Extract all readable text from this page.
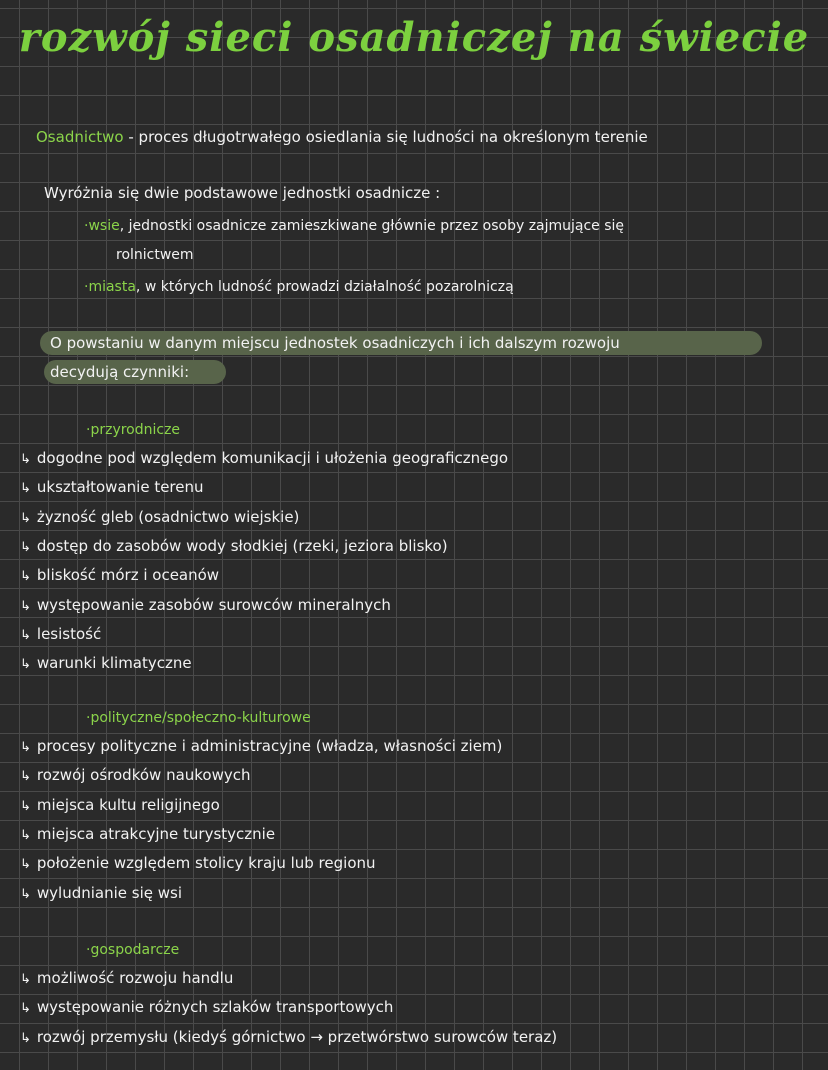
rozwój sieci osadniczej na świecie
Osadnictwo - proces długotrwałego osiedlania się ludności na określonym terenie
Wyróżnia się dwie podstawowe jednostki osadnicze :
·wsie, jednostki osadnicze zamieszkiwane głównie przez osoby zajmujące się
rolnictwem
·miasta, w których ludność prowadzi działalność pozarolniczą
O powstaniu w danym miejscu jednostek osadniczych i ich dalszym rozwoju
decydują czynniki:
·przyrodnicze
↳ dogodne pod względem komunikacji i ułożenia geograficznego
↳ ukształtowanie terenu
↳ żyzność gleb (osadnictwo wiejskie)
↳ dostęp do zasobów wody słodkiej (rzeki, jeziora blisko)
↳ bliskość mórz i oceanów
↳ występowanie zasobów surowców mineralnych
↳ lesistość
↳ warunki klimatyczne
·polityczne/społeczno-kulturowe
↳ procesy polityczne i administracyjne (władza, własności ziem)
↳ rozwój ośrodków naukowych
↳ miejsca kultu religijnego
↳ miejsca atrakcyjne turystycznie
↳ położenie względem stolicy kraju lub regionu
↳ wyludnianie się wsi
·gospodarcze
↳ możliwość rozwoju handlu
↳ występowanie różnych szlaków transportowych
↳ rozwój przemysłu (kiedyś górnictwo → przetwórstwo surowców teraz)
